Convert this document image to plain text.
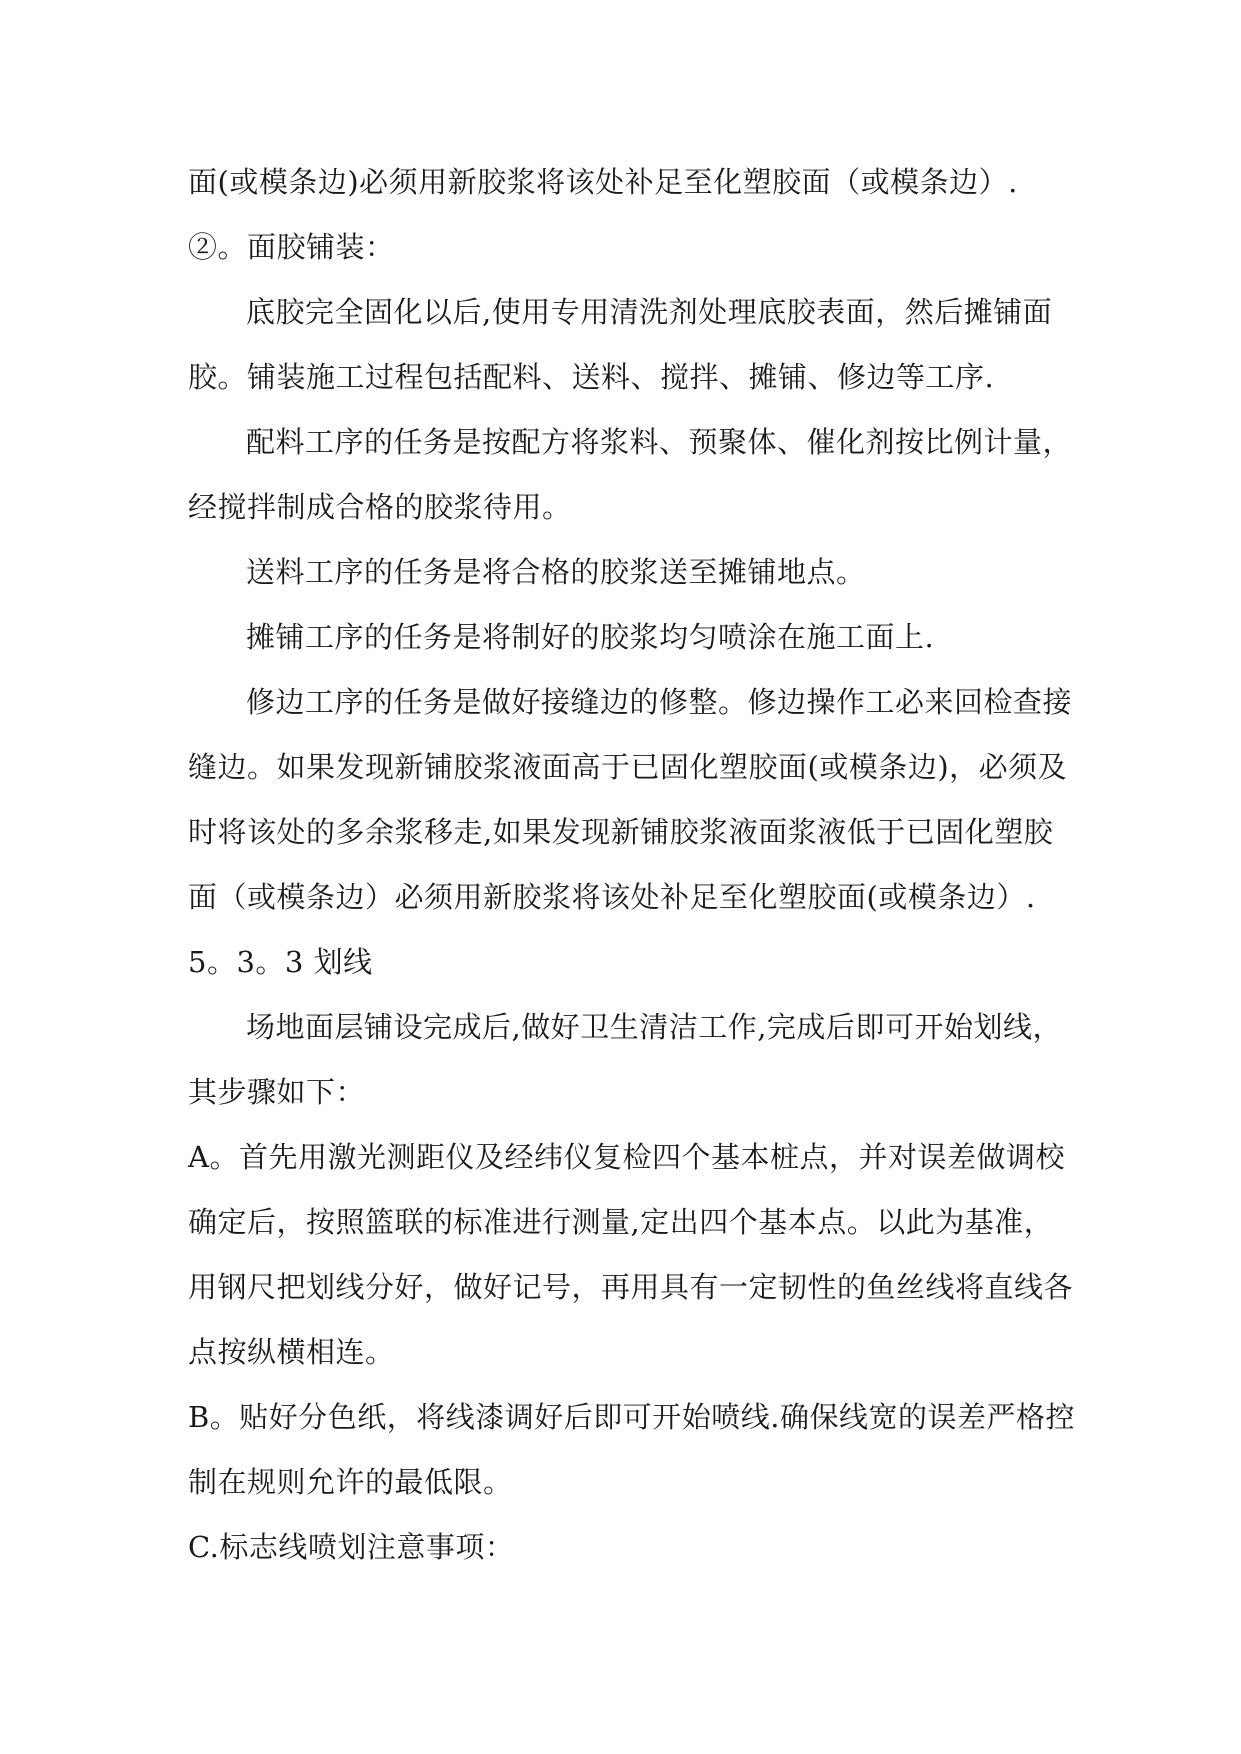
面(或模条边)必须用新胶浆将该处补足至化塑胶面（或模条边）.
②。面胶铺装：
底胶完全固化以后,使用专用清洗剂处理底胶表面，然后摊铺面
胶。铺装施工过程包括配料、送料、搅拌、摊铺、修边等工序.
配料工序的任务是按配方将浆料、预聚体、催化剂按比例计量，
经搅拌制成合格的胶浆待用。
送料工序的任务是将合格的胶浆送至摊铺地点。
摊铺工序的任务是将制好的胶浆均匀喷涂在施工面上.
修边工序的任务是做好接缝边的修整。修边操作工必来回检查接
缝边。如果发现新铺胶浆液面高于已固化塑胶面(或模条边)，必须及
时将该处的多余浆移走,如果发现新铺胶浆液面浆液低于已固化塑胶
面（或模条边）必须用新胶浆将该处补足至化塑胶面(或模条边）.
5。3。3 划线
场地面层铺设完成后,做好卫生清洁工作,完成后即可开始划线，
其步骤如下：
A。首先用激光测距仪及经纬仪复检四个基本桩点，并对误差做调校
确定后，按照篮联的标准进行测量,定出四个基本点。以此为基准，
用钢尺把划线分好，做好记号，再用具有一定韧性的鱼丝线将直线各
点按纵横相连。
B。贴好分色纸，将线漆调好后即可开始喷线.确保线宽的误差严格控
制在规则允许的最低限。
C.标志线喷划注意事项：
